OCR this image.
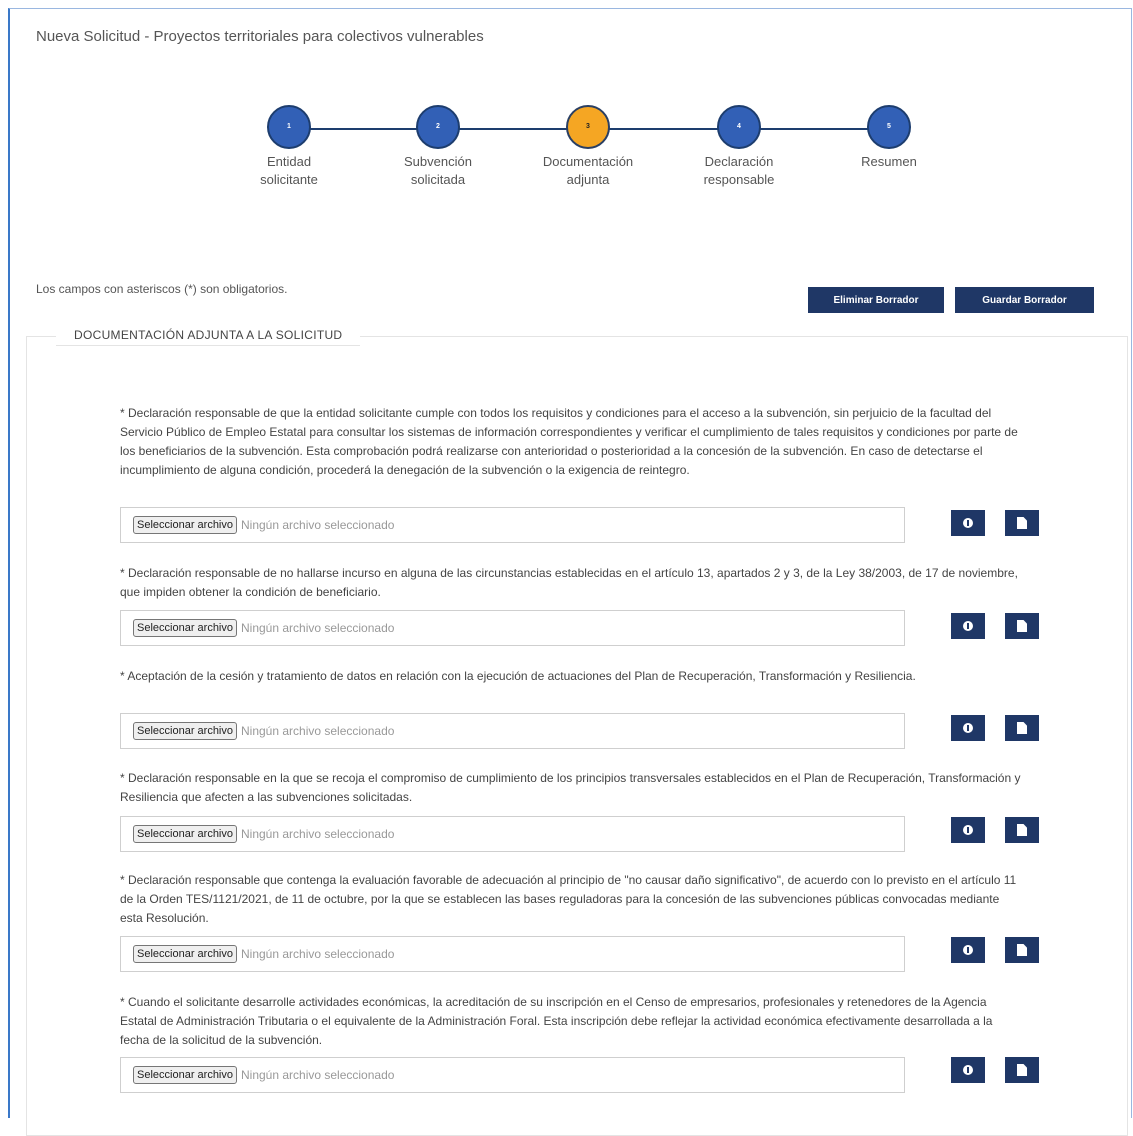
Nueva Solicitud - Proyectos territoriales para colectivos vulnerables
1
Entidad
solicitante
2
Subvención
solicitada
3
Documentación
adjunta
4
Declaración
responsable
5
Resumen
Los campos con asteriscos (*) son obligatorios.
Eliminar Borrador	Guardar Borrador
DOCUMENTACIÓN ADJUNTA A LA SOLICITUD
* Declaración responsable de que la entidad solicitante cumple con todos los requisitos y condiciones para el acceso a la subvención, sin perjuicio de la facultad del Servicio Público de Empleo Estatal para consultar los sistemas de información correspondientes y verificar el cumplimiento de tales requisitos y condiciones por parte de los beneficiarios de la subvención. Esta comprobación podrá realizarse con anterioridad o posterioridad a la concesión de la subvención. En caso de detectarse el incumplimiento de alguna condición, procederá la denegación de la subvención o la exigencia de reintegro.
Seleccionar archivo Ningún archivo seleccionado
* Declaración responsable de no hallarse incurso en alguna de las circunstancias establecidas en el artículo 13, apartados 2 y 3, de la Ley 38/2003, de 17 de noviembre, que impiden obtener la condición de beneficiario.
Seleccionar archivo Ningún archivo seleccionado
* Aceptación de la cesión y tratamiento de datos en relación con la ejecución de actuaciones del Plan de Recuperación, Transformación y Resiliencia.
Seleccionar archivo Ningún archivo seleccionado
* Declaración responsable en la que se recoja el compromiso de cumplimiento de los principios transversales establecidos en el Plan de Recuperación, Transformación y Resiliencia que afecten a las subvenciones solicitadas.
Seleccionar archivo Ningún archivo seleccionado
* Declaración responsable que contenga la evaluación favorable de adecuación al principio de "no causar daño significativo", de acuerdo con lo previsto en el artículo 11 de la Orden TES/1121/2021, de 11 de octubre, por la que se establecen las bases reguladoras para la concesión de las subvenciones públicas convocadas mediante esta Resolución.
Seleccionar archivo Ningún archivo seleccionado
* Cuando el solicitante desarrolle actividades económicas, la acreditación de su inscripción en el Censo de empresarios, profesionales y retenedores de la Agencia Estatal de Administración Tributaria o el equivalente de la Administración Foral. Esta inscripción debe reflejar la actividad económica efectivamente desarrollada a la fecha de la solicitud de la subvención.
Seleccionar archivo Ningún archivo seleccionado
